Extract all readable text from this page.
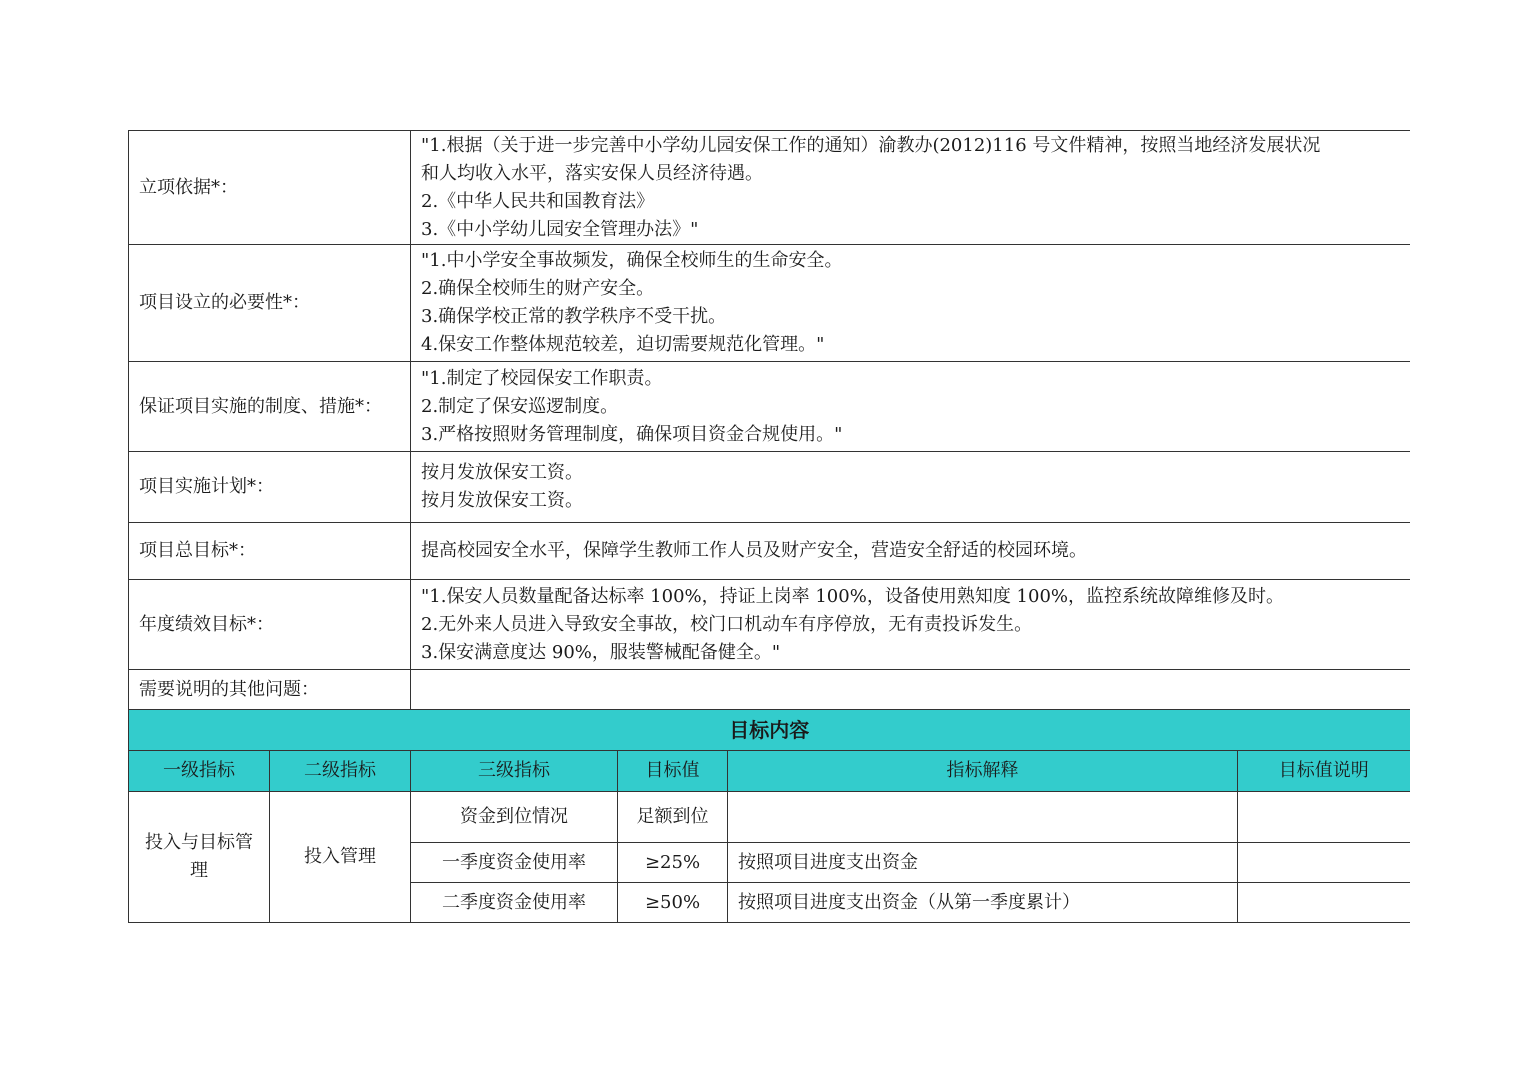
立项依据*：	"1.根据（关于进一步完善中小学幼儿园安保工作的通知）渝教办(2012)116 号文件精神，按照当地经济发展状况
和人均收入水平，落实安保人员经济待遇。
2.《中华人民共和国教育法》
3.《中小学幼儿园安全管理办法》"

项目设立的必要性*：	"1.中小学安全事故频发，确保全校师生的生命安全。
2.确保全校师生的财产安全。
3.确保学校正常的教学秩序不受干扰。
4.保安工作整体规范较差，迫切需要规范化管理。"

保证项目实施的制度、措施*：	"1.制定了校园保安工作职责。
2.制定了保安巡逻制度。
3.严格按照财务管理制度，确保项目资金合规使用。"

项目实施计划*：	按月发放保安工资。
按月发放保安工资。

项目总目标*：	提高校园安全水平，保障学生教师工作人员及财产安全，营造安全舒适的校园环境。

年度绩效目标*：	"1.保安人员数量配备达标率 100%，持证上岗率 100%，设备使用熟知度 100%，监控系统故障维修及时。
2.无外来人员进入导致安全事故，校门口机动车有序停放，无有责投诉发生。
3.保安满意度达 90%，服装警械配备健全。"

需要说明的其他问题：	
目标内容					
一级指标	二级指标	三级指标	目标值	指标解释	目标值说明
投入与目标管理	投入管理	资金到位情况	足额到位		
		一季度资金使用率	≥25%	按照项目进度支出资金	
		二季度资金使用率	≥50%	按照项目进度支出资金（从第一季度累计）	
